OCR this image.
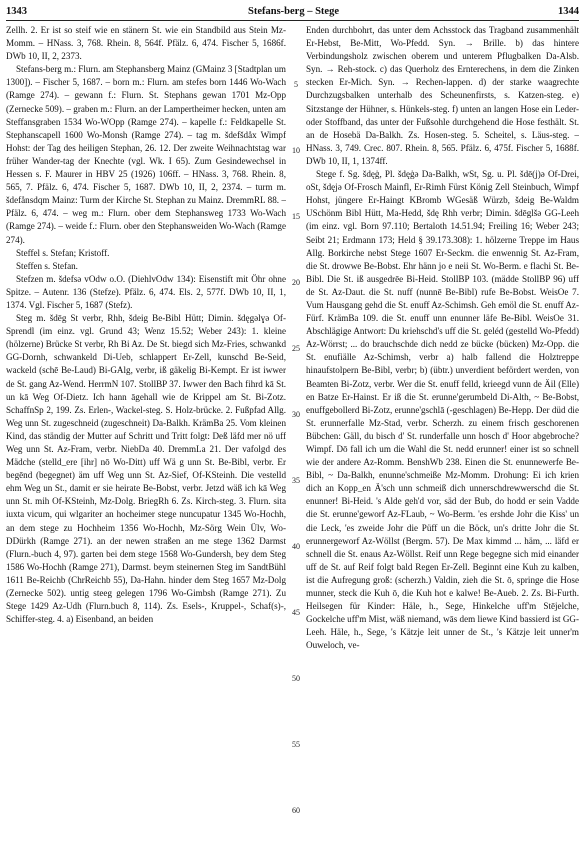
1343	Stefans-berg – Stege	1344

Zellh. 2. Er ist so steif wie en stänern St. wie ein Standbild aus Stein Mz-Momm. – HNass. 3, 768. Rhein. 8, 564f. Pfälz. 6, 474. Fischer 5, 1686f. DWb 10, II, 2, 2373.

Stefans-berg m.: Flurn. am Stephansberg Mainz (GMainz 3 [Stadtplan um 1300]). – Fischer 5, 1687. – born m.: Flurn. am stefes born 1446 Wo-Wach (Ramge 274). – gewann f.: Flurn. St. Stephans gewan 1701 Mz-Opp (Zernecke 509). – graben m.: Flurn. an der Lampertheimer hecken, unten am Steffansgraben 1534 Wo-WOpp (Ramge 274). – kapelle f.: Feldkapelle St. Stephanscapell 1600 Wo-Monsh (Ramge 274). – tag m. šdefšdåx Wimpf Hohst: der Tag des heiligen Stephan, 26. 12. Der zweite Weihnachtstag war früher Wander-tag der Knechte (vgl. Wk. I 65). Zum Gesindewechsel in Hessen s. F. Maurer in HBV 25 (1926) 106ff. – HNass. 3, 768. Rhein. 8, 565, 7. Pfälz. 6, 474. Fischer 5, 1687. DWb 10, II, 2, 2374. – turm m. šdefånsdqm Mainz: Turm der Kirche St. Stephan zu Mainz. DremmRL 88. – Pfälz. 6, 474. – weg m.: Flurn. ober dem Stephansweg 1733 Wo-Wach (Ramge 274). – weide f.: Flurn. ober den Stephansweiden Wo-Wach (Ramge 274).

Steffel s. Stefan; Kristoff.

Steffen s. Stefan.

Stefzen m. šdefsə vOdw o.O. (DiehlvOdw 134): Eisenstift mit Öhr ohne Spitze. – Autenr. 136 (Stefze). Pfälz. 6, 474. Els. 2, 577f. DWb 10, II, 1, 1374. Vgl. Fischer 5, 1687 (Stefz).

Steg m. šdēg St verbr, Rhh, šdeig Be-Bibl Hütt; Dimin. šdęgəlɣə Of-Sprendl (im einz. vgl. Grund 43; Wenz 15.52; Weber 243): 1. kleine (hölzerne) Brücke St verbr, Rh Bi Az. De St. biegd sich Mz-Fries, schwankd GG-Dornh, schwankeld Di-Ueb, schlappert Er-Zell, kunschd Be-Seid, wackeld (schē Be-Laud) Bi-GAlg, verbr, iß gäkelig Bi-Kempt. Er ist iwwer de St. gang Az-Wend. HerrmN 107. StollBP 37. Iwwer den Bach fihrd kā St. un kā Weg Of-Dietz. Ich hann āgehall wie de Krippel am St. Bi-Zotz. SchaffnSp 2, 199. Zs. Erlen-, Wackel-steg. S. Holz-brücke. 2. Fußpfad Allg. Weg unn St. zugeschneid (zugeschneit) Da-Balkh. KrämBa 25. Vom kleinen Kind, das ständig der Mutter auf Schritt und Tritt folgt: Deß läfd mer nö uff Weg unn St. Az-Fram, verbr. NiebDa 40. DremmLa 21. Der vafolgd des Mädche (stelld_ere [ihr] nō Wo-Ditt) uff Wä g unn St. Be-Bibl, verbr. Er begēnd (begegnet) äm uff Weg unn St. Az-Sief, Of-KSteinh. Die vestelld ehm Weg un St., damit er sie heirate Be-Bobst, verbr. Jetzd wäß ich kā Weg unn St. mih Of-KSteinh, Mz-Dolg. BriegRh 6. Zs. Kirch-steg. 3. Flurn. sita iuxta vicum, qui wlgariter an hocheimer stege nuncupatur 1345 Wo-Hochh, an dem stege zu Hochheim 1356 Wo-Hochh, Mz-Sörg Wein Ülv, Wo-DDürkh (Ramge 271). an der newen straßen an me stege 1362 Darmst (Flurn.-buch 4, 97). garten bei dem stege 1568 Wo-Gundersh, bey dem Steg 1586 Wo-Hochh (Ramge 271), Darmst. beym steinernen Steg im SandtBühl 1611 Be-Reichb (ChrReichb 55), Da-Hahn. hinder dem Steg 1657 Mz-Dolg (Zernecke 502). untig steeg gelegen 1796 Wo-Gimbsh (Ramge 271). Zu Stege 1429 Az-Udh (Flurn.buch 8, 114). Zs. Esels-, Kruppel-, Schaf(s)-, Schiffer-steg. 4. a) Eisenband, an beiden

5
10
15
20
25
30
35
40
45
50
55
60

Enden durchbohrt, das unter dem Achsstock das Tragband zusammenhält Er-Hebst, Be-Mitt, Wo-Pfedd. Syn. → Brille. b) das hintere Verbindungsholz zwischen oberem und unterem Pflugbalken Da-Alsb. Syn. → Reh-stock. c) das Querholz des Ernterechens, in dem die Zinken stecken Er-Mich. Syn. → Rechen-lappen. d) der starke waagrechte Durchzugsbalken unterhalb des Scheunenfirsts, s. Katzen-steg. e) Sitzstange der Hühner, s. Hünkels-steg. f) unten an langen Hose ein Leder- oder Stoffband, das unter der Fußsohle durchgehend die Hose festhält. St. an de Hosebä Da-Balkh. Zs. Hosen-steg. 5. Scheitel, s. Läus-steg. – HNass. 3, 749. Crec. 807. Rhein. 8, 565. Pfälz. 6, 475f. Fischer 5, 1688f. DWb 10, II, 1, 1374ff.

Stege f. Sg. šdęġ, Pl. šdęġə Da-Balkh, wSt, Sg. u. Pl. šdē(j)ə Of-Drei, oSt, šdęjə Of-Frosch Mainfl, Er-Rimh Fürst König Zell Steinbuch, Wimpf Hohst, jüngere Er-Haingt KBromb WGesäß Würzb, šdeig Be-Waldm USchönm Bibl Hütt, Ma-Hedd, šdę Rhh verbr; Dimin. šdēglšə GG-Leeh (im einz. vgl. Born 97.110; Bertaloth 14.51.94; Freiling 16; Weber 243; Seibt 21; Erdmann 173; Held § 39.173.308): 1. hölzerne Treppe im Haus Allg. Borkirche nebst Stege 1607 Er-Seckm. die enwennig St. Az-Fram, die St. drowwe Be-Bobst. Ehr hänn jo e neii St. Wo-Berm. e flachi St. Be-Bibl. Die St. iß ausgedrēe Bi-Heid. StollBP 103. (mädde StollBP 96) uff de St. Az-Daut. die St. nuff (nunnē Be-Bibl) rufe Be-Bobst. WeisOe 7. Vum Hausgang gehd die St. enuff Az-Schimsh. Geh emöl die St. enuff Az-Fürf. KrämBa 109. die St. enuff unn enunner läfe Be-Bibl. WeisOe 31. Abschlägige Antwort: Du kriehschd's uff die St. geléd (gestelld Wo-Pfedd) Az-Wörrst; ... do brauchschde dich nedd ze bücke (bücken) Mz-Opp. die St. enufiälle Az-Schimsh, verbr a) halb fallend die Holztreppe hinaufstolpern Be-Bibl, verbr; b) (übtr.) unverdient befördert werden, von Beamten Bi-Zotz, verbr. Wer die St. enuff felld, krieegd vunn de Äil (Elle) en Batze Er-Hainst. Er iß die St. erunne'gerumbeld Di-Alth, ~ Be-Bobst, enuffgebollerd Bi-Zotz, erunne'gschlā (-geschlagen) Be-Hepp. Der düd die St. erunnerfalle Mz-Stad, verbr. Scherzh. zu einem frisch geschorenen Bübchen: Gäll, du bisch d' St. runderfalle unn hosch d' Hoor abgebroche? Wimpf. Dō fall ich um die Wahl die St. nedd erunner! einer ist so schnell wie der andere Az-Romm. BenshWb 238. Einen die St. enunnewerfe Be-Bibl, ~ Da-Balkh, enunne'schmeiße Mz-Momm. Drohung: Ei ich krien dich an Kopp_en Ä'sch unn schmeiß dich unnerschdrewwerschd die St. enunner! Bi-Heid. 's Alde geh'd vor, säd der Bub, do hodd er sein Vadde die St. erunne'geworf Az-FLaub, ~ Wo-Berm. 'es ershde Johr die Kiss' un die Leck, 'es zweide Johr die Püff un die Böck, un's dritte Johr die St. erunnergeworf Az-Wöllst (Bergm. 57). De Max kimmd ... häm, ... läfd er schnell die St. enaus Az-Wöllst. Reif unn Rege begegne sich mid einander uff de St. auf Reif folgt bald Regen Er-Zell. Beginnt eine Kuh zu kalben, ist die Aufregung groß: (scherzh.) Valdin, zieh die St. ō, springe die Hose munner, steck die Kuh ō, die Kuh hot e kalwe! Be-Aueb. 2. Zs. Bi-Furth. Heilsegen für Kinder: Häle, h., Sege, Hinkelche uff'm Stējelche, Gockelche uff'm Mist, wäß niemand, wās dem liewe Kind bassierd ist GG-Leeh. Häle, h., Sege, 's Kätzje leit unner de St., 's Kätzje leit unner'm Ouweloch, ve-
